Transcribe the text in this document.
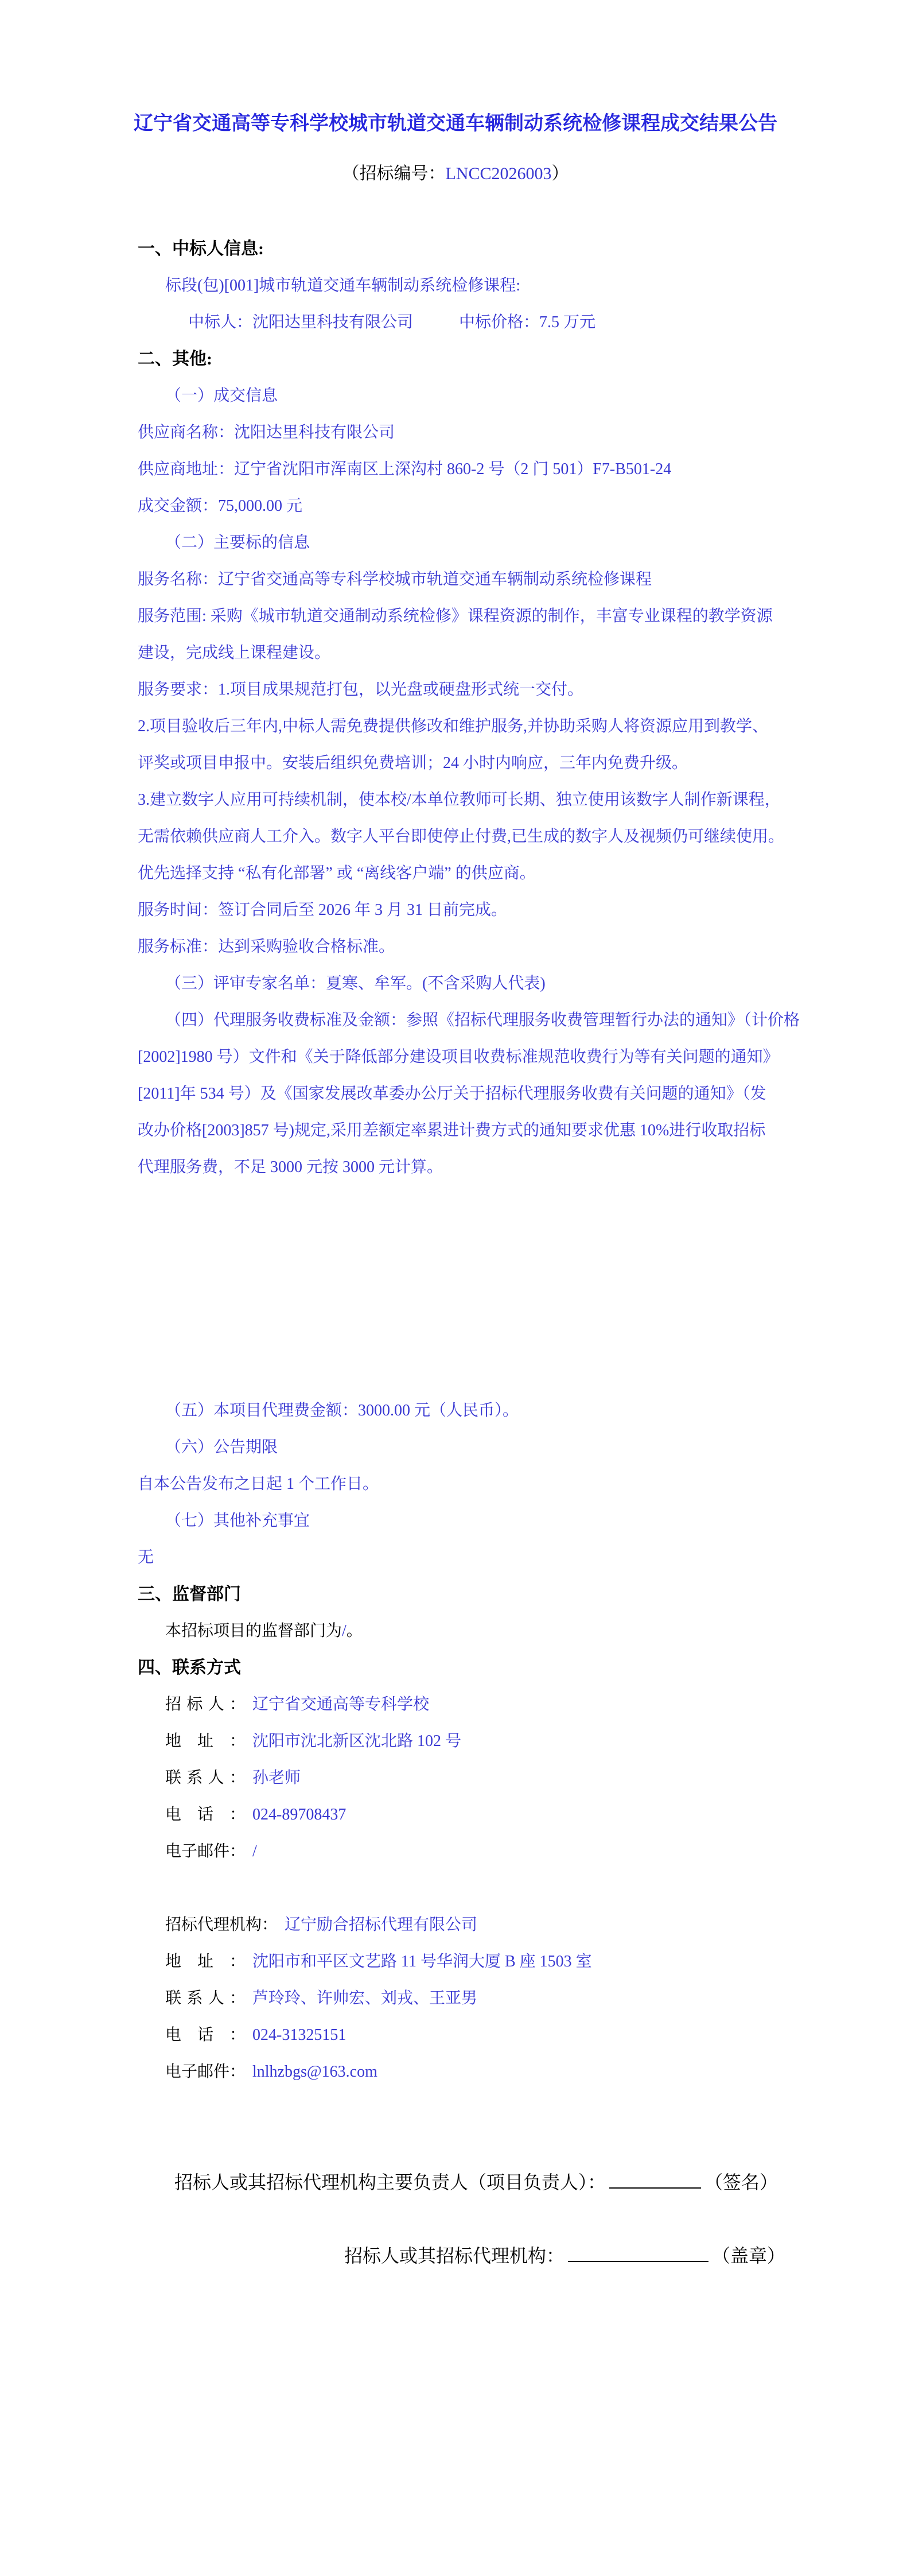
辽宁省交通高等专科学校城市轨道交通车辆制动系统检修课程成交结果公告
（招标编号：LNCC2026003）
一、中标人信息:
标段(包)[001]城市轨道交通车辆制动系统检修课程:
中标人：沈阳达里科技有限公司	中标价格：7.5 万元
二、其他:
（一）成交信息
供应商名称：沈阳达里科技有限公司
供应商地址：辽宁省沈阳市浑南区上深沟村 860-2 号（2 门 501）F7-B501-24
成交金额：75,000.00 元
（二）主要标的信息
服务名称：辽宁省交通高等专科学校城市轨道交通车辆制动系统检修课程
服务范围: 采购《城市轨道交通制动系统检修》课程资源的制作，丰富专业课程的教学资源
建设，完成线上课程建设。
服务要求：1.项目成果规范打包，以光盘或硬盘形式统一交付。
2.项目验收后三年内,中标人需免费提供修改和维护服务,并协助采购人将资源应用到教学、
评奖或项目申报中。安装后组织免费培训；24 小时内响应，三年内免费升级。
3.建立数字人应用可持续机制，使本校/本单位教师可长期、独立使用该数字人制作新课程，
无需依赖供应商人工介入。数字人平台即使停止付费,已生成的数字人及视频仍可继续使用。
优先选择支持 “私有化部署” 或 “离线客户端” 的供应商。
服务时间：签订合同后至 2026 年 3 月 31 日前完成。
服务标准：达到采购验收合格标准。
（三）评审专家名单：夏寒、牟军。(不含采购人代表)
（四）代理服务收费标准及金额：参照《招标代理服务收费管理暂行办法的通知》（计价格
[2002]1980 号）文件和《关于降低部分建设项目收费标准规范收费行为等有关问题的通知》
[2011]年 534 号）及《国家发展改革委办公厅关于招标代理服务收费有关问题的通知》（发
改办价格[2003]857 号)规定,采用差额定率累进计费方式的通知要求优惠 10%进行收取招标
代理服务费，不足 3000 元按 3000 元计算。
（五）本项目代理费金额：3000.00 元（人民币）。
（六）公告期限
自本公告发布之日起 1 个工作日。
（七）其他补充事宜
无
三、监督部门
本招标项目的监督部门为/。
四、联系方式
招标人： 辽宁省交通高等专科学校
地址： 沈阳市沈北新区沈北路 102 号
联系人： 孙老师
电话： 024-89708437
电子邮件： /
招标代理机构： 辽宁励合招标代理有限公司
地址： 沈阳市和平区文艺路 11 号华润大厦 B 座 1503 室
联系人： 芦玲玲、许帅宏、刘戎、王亚男
电话： 024-31325151
电子邮件： lnlhzbgs@163.com
招标人或其招标代理机构主要负责人（项目负责人）：	（签名）
招标人或其招标代理机构：	（盖章）
